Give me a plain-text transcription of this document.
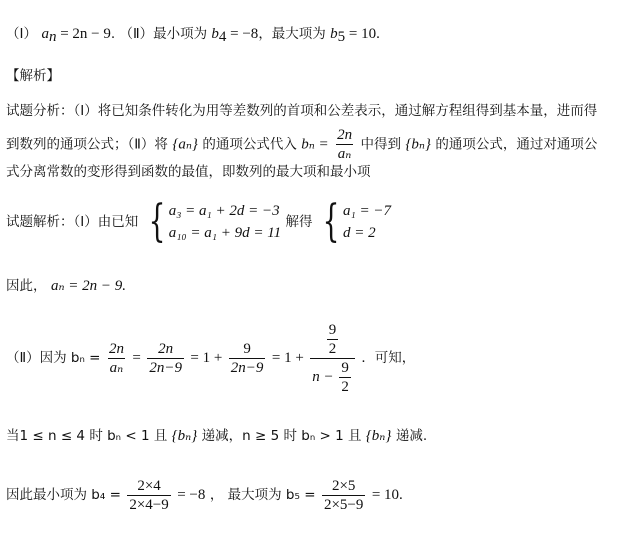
（Ⅰ） $a_n = 2n - 9$. （Ⅱ）最小项为 $b_4 = -8$，最大项为 $b_5 = 10$.
【解析】
试题分析：（Ⅰ）将已知条件转化为用等差数列的首项和公差表示，通过解方程组得到基本量，进而得
到数列的通项公式；（Ⅱ）将 {aₙ} 的通项公式代入 $b_n = \frac{2n}{\text{aₙ}}$ 中得到 {bₙ} 的通项公式，通过对通项公
式分离常数的变形得到函数的最值，即数列的最大项和最小项
试题解析：（Ⅰ）由已知 { a₃ = a₁ + 2d = −3
a₁₀ = a₁ + 9d = 11
解得 { a₁ = −7
d = 2
因此， aₙ = 2n − 9.
（Ⅱ）因为 $b_n = \frac{2n}{\text{aₙ}} = \frac{2n}{2n-9} = 1 + \frac{9}{2n-9} = 1 + \frac{\frac{9}{2}}{n - \frac{9}{2}}$ ．可知，
当1 ≤ n ≤ 4 时 bₙ < 1 且 {bₙ} 递减，n ≥ 5 时 bₙ > 1 且 {bₙ} 递减.
因此最小项为 $b_4 = \frac{2\times 4}{2\times 4-9} = -8$ ， 最大项为 $b_5 = \frac{2\times 5}{2\times 5-9} = 10$.
